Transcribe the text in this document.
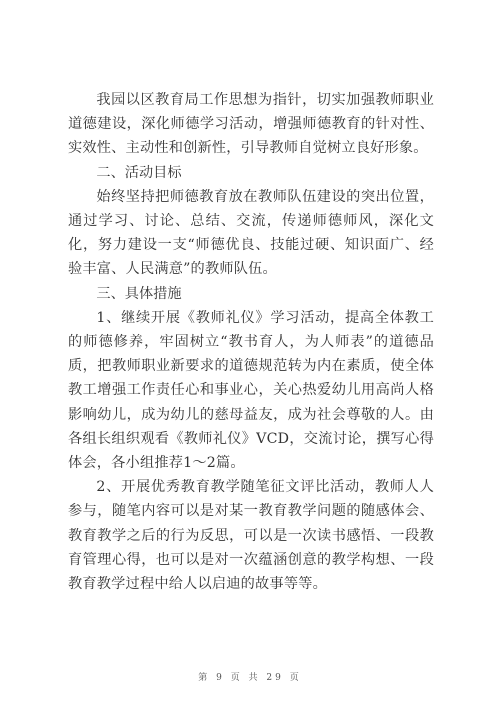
我园以区教育局工作思想为指针，切实加强教师职业道德建设，深化师德学习活动，增强师德教育的针对性、实效性、主动性和创新性，引导教师自觉树立良好形象。

二、活动目标

始终坚持把师德教育放在教师队伍建设的突出位置，通过学习、讨论、总结、交流，传递师德师风，深化文化，努力建设一支“师德优良、技能过硬、知识面广、经验丰富、人民满意”的教师队伍。

三、具体措施

1、继续开展《教师礼仪》学习活动，提高全体教工的师德修养，牢固树立“教书育人，为人师表”的道德品质，把教师职业新要求的道德规范转为内在素质，使全体教工增强工作责任心和事业心，关心热爱幼儿用高尚人格影响幼儿，成为幼儿的慈母益友，成为社会尊敬的人。由各组长组织观看《教师礼仪》VCD，交流讨论，撰写心得体会，各小组推荐1～2篇。

2、开展优秀教育教学随笔征文评比活动，教师人人参与，随笔内容可以是对某一教育教学问题的随感体会、教育教学之后的行为反思，可以是一次读书感悟、一段教育管理心得，也可以是对一次蕴涵创意的教学构想、一段教育教学过程中给人以启迪的故事等等。

第 9 页 共 29 页
